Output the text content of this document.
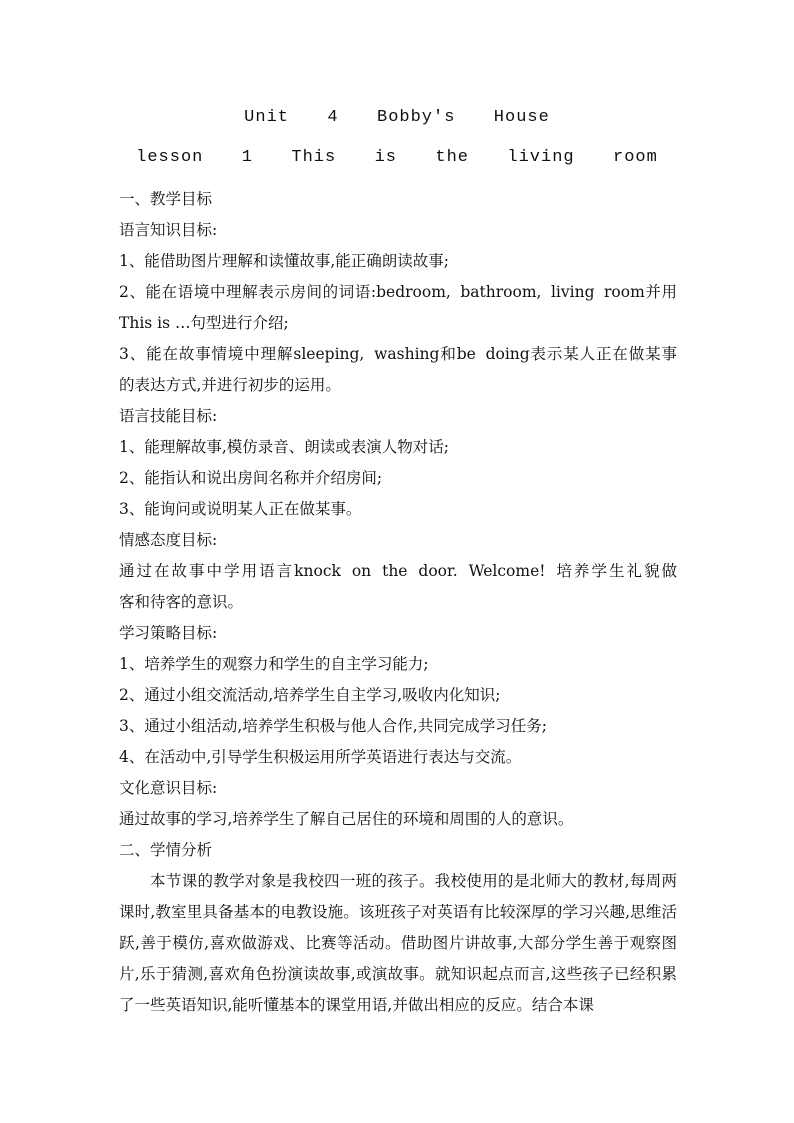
Unit  4  Bobby's  House
lesson  1  This  is  the  living  room
一、教学目标
语言知识目标:
1、能借助图片理解和读懂故事,能正确朗读故事;
2、能在语境中理解表示房间的词语:bedroom, bathroom, living room并用
This is …句型进行介绍;
3、能在故事情境中理解sleeping, washing和be doing表示某人正在做某事
的表达方式,并进行初步的运用。
语言技能目标:
1、能理解故事,模仿录音、朗读或表演人物对话;
2、能指认和说出房间名称并介绍房间;
3、能询问或说明某人正在做某事。
情感态度目标:
通过在故事中学用语言knock on the door. Welcome! 培养学生礼貌做
客和待客的意识。
学习策略目标:
1、培养学生的观察力和学生的自主学习能力;
2、通过小组交流活动,培养学生自主学习,吸收内化知识;
3、通过小组活动,培养学生积极与他人合作,共同完成学习任务;
4、在活动中,引导学生积极运用所学英语进行表达与交流。
文化意识目标:
通过故事的学习,培养学生了解自己居住的环境和周围的人的意识。
二、学情分析
本节课的教学对象是我校四一班的孩子。我校使用的是北师大的教材,每周两课时,教室里具备基本的电教设施。该班孩子对英语有比较深厚的学习兴趣,思维活跃,善于模仿,喜欢做游戏、比赛等活动。借助图片讲故事,大部分学生善于观察图片,乐于猜测,喜欢角色扮演读故事,或演故事。就知识起点而言,这些孩子已经积累了一些英语知识,能听懂基本的课堂用语,并做出相应的反应。结合本课
